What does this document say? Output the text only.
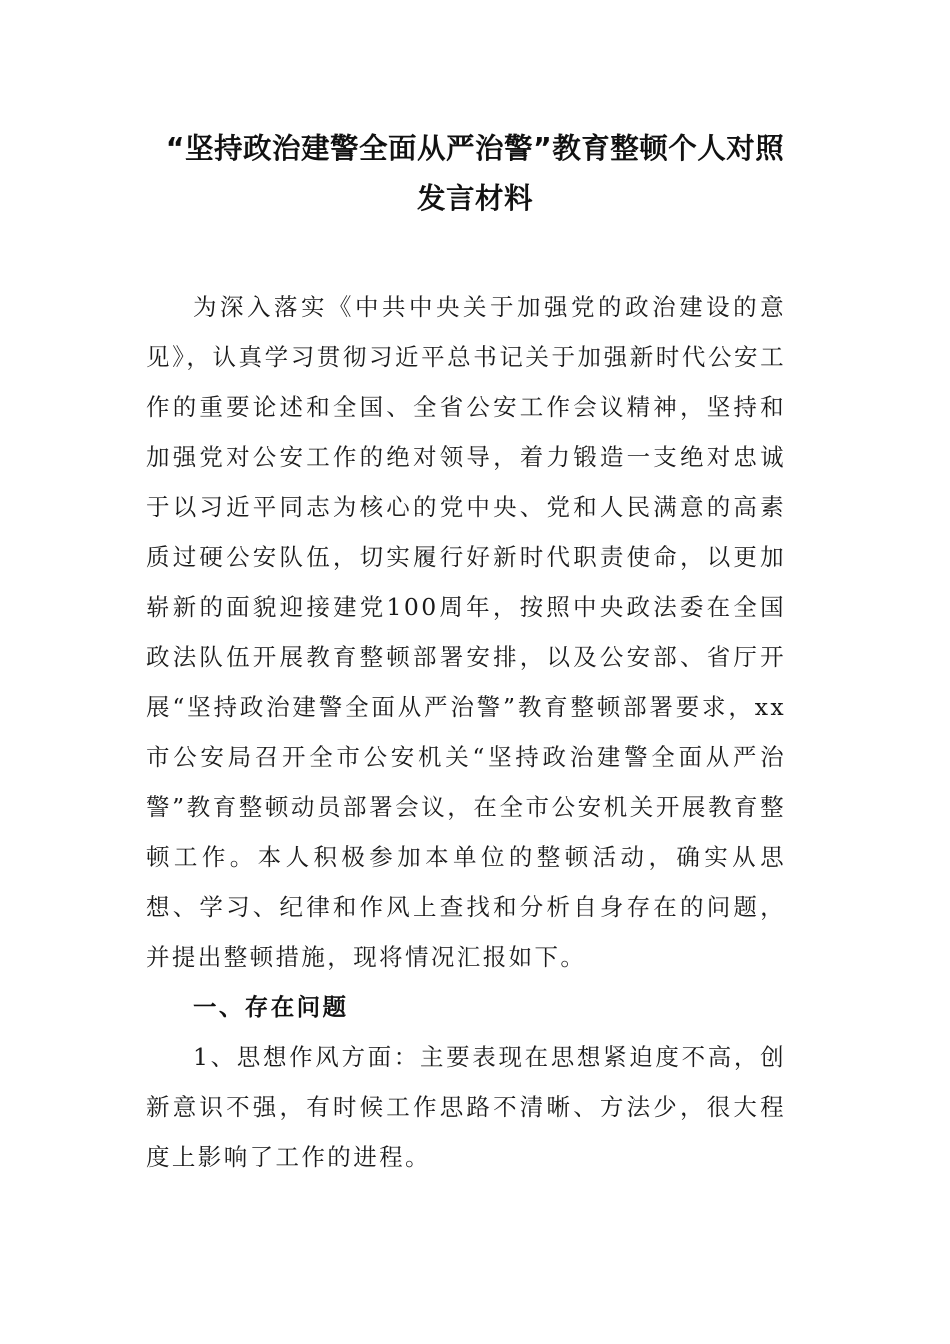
“坚持政治建警全面从严治警”教育整顿个人对照
发言材料

为深入落实《中共中央关于加强党的政治建设的意见》，认真学习贯彻习近平总书记关于加强新时代公安工作的重要论述和全国、全省公安工作会议精神，坚持和加强党对公安工作的绝对领导，着力锻造一支绝对忠诚于以习近平同志为核心的党中央、党和人民满意的高素质过硬公安队伍，切实履行好新时代职责使命，以更加崭新的面貌迎接建党100周年，按照中央政法委在全国政法队伍开展教育整顿部署安排，以及公安部、省厅开展“坚持政治建警全面从严治警”教育整顿部署要求，xx市公安局召开全市公安机关“坚持政治建警全面从严治警”教育整顿动员部署会议，在全市公安机关开展教育整顿工作。本人积极参加本单位的整顿活动，确实从思想、学习、纪律和作风上查找和分析自身存在的问题，并提出整顿措施，现将情况汇报如下。

一、存在问题

1、思想作风方面：主要表现在思想紧迫度不高，创新意识不强，有时候工作思路不清晰、方法少，很大程度上影响了工作的进程。
